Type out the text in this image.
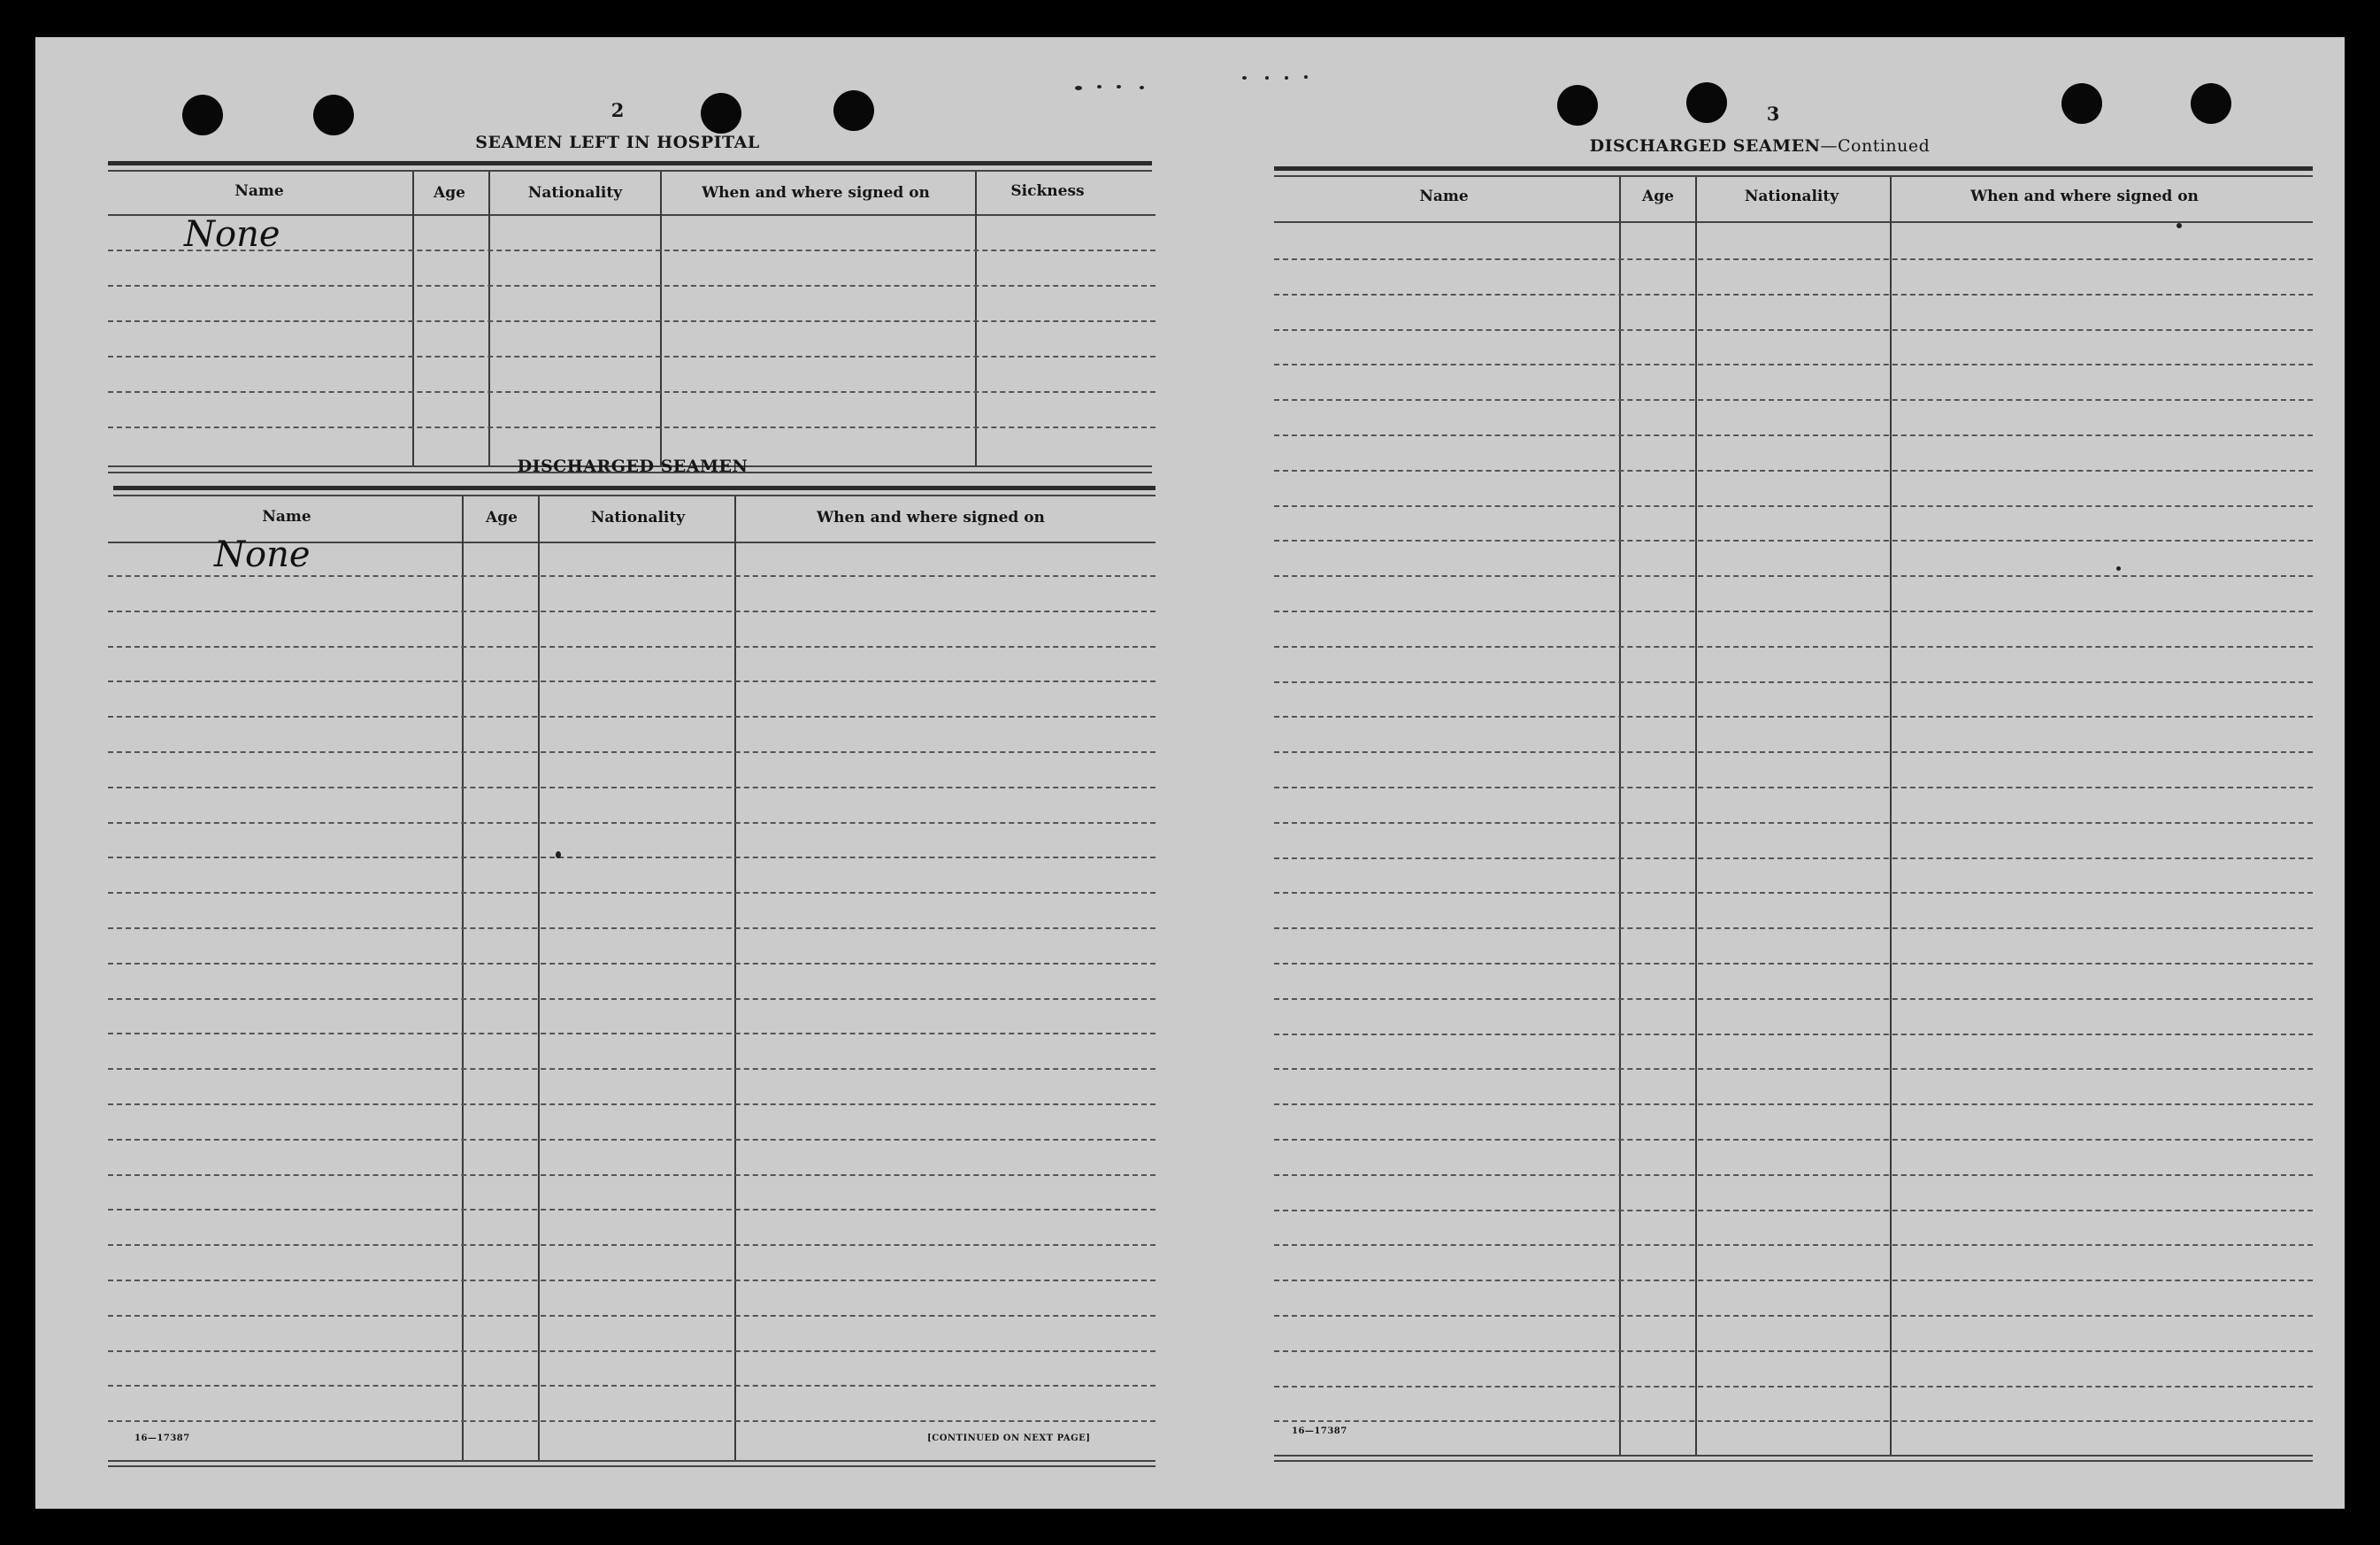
2
SEAMEN LEFT IN HOSPITAL
Name	Age	Nationality	When and where signed on	Sickness
None
DISCHARGED SEAMEN
Name	Age	Nationality	When and where signed on
None
16—17387	[CONTINUED ON NEXT PAGE]
3
DISCHARGED SEAMEN—Continued
Name	Age	Nationality	When and where signed on
16—17387
